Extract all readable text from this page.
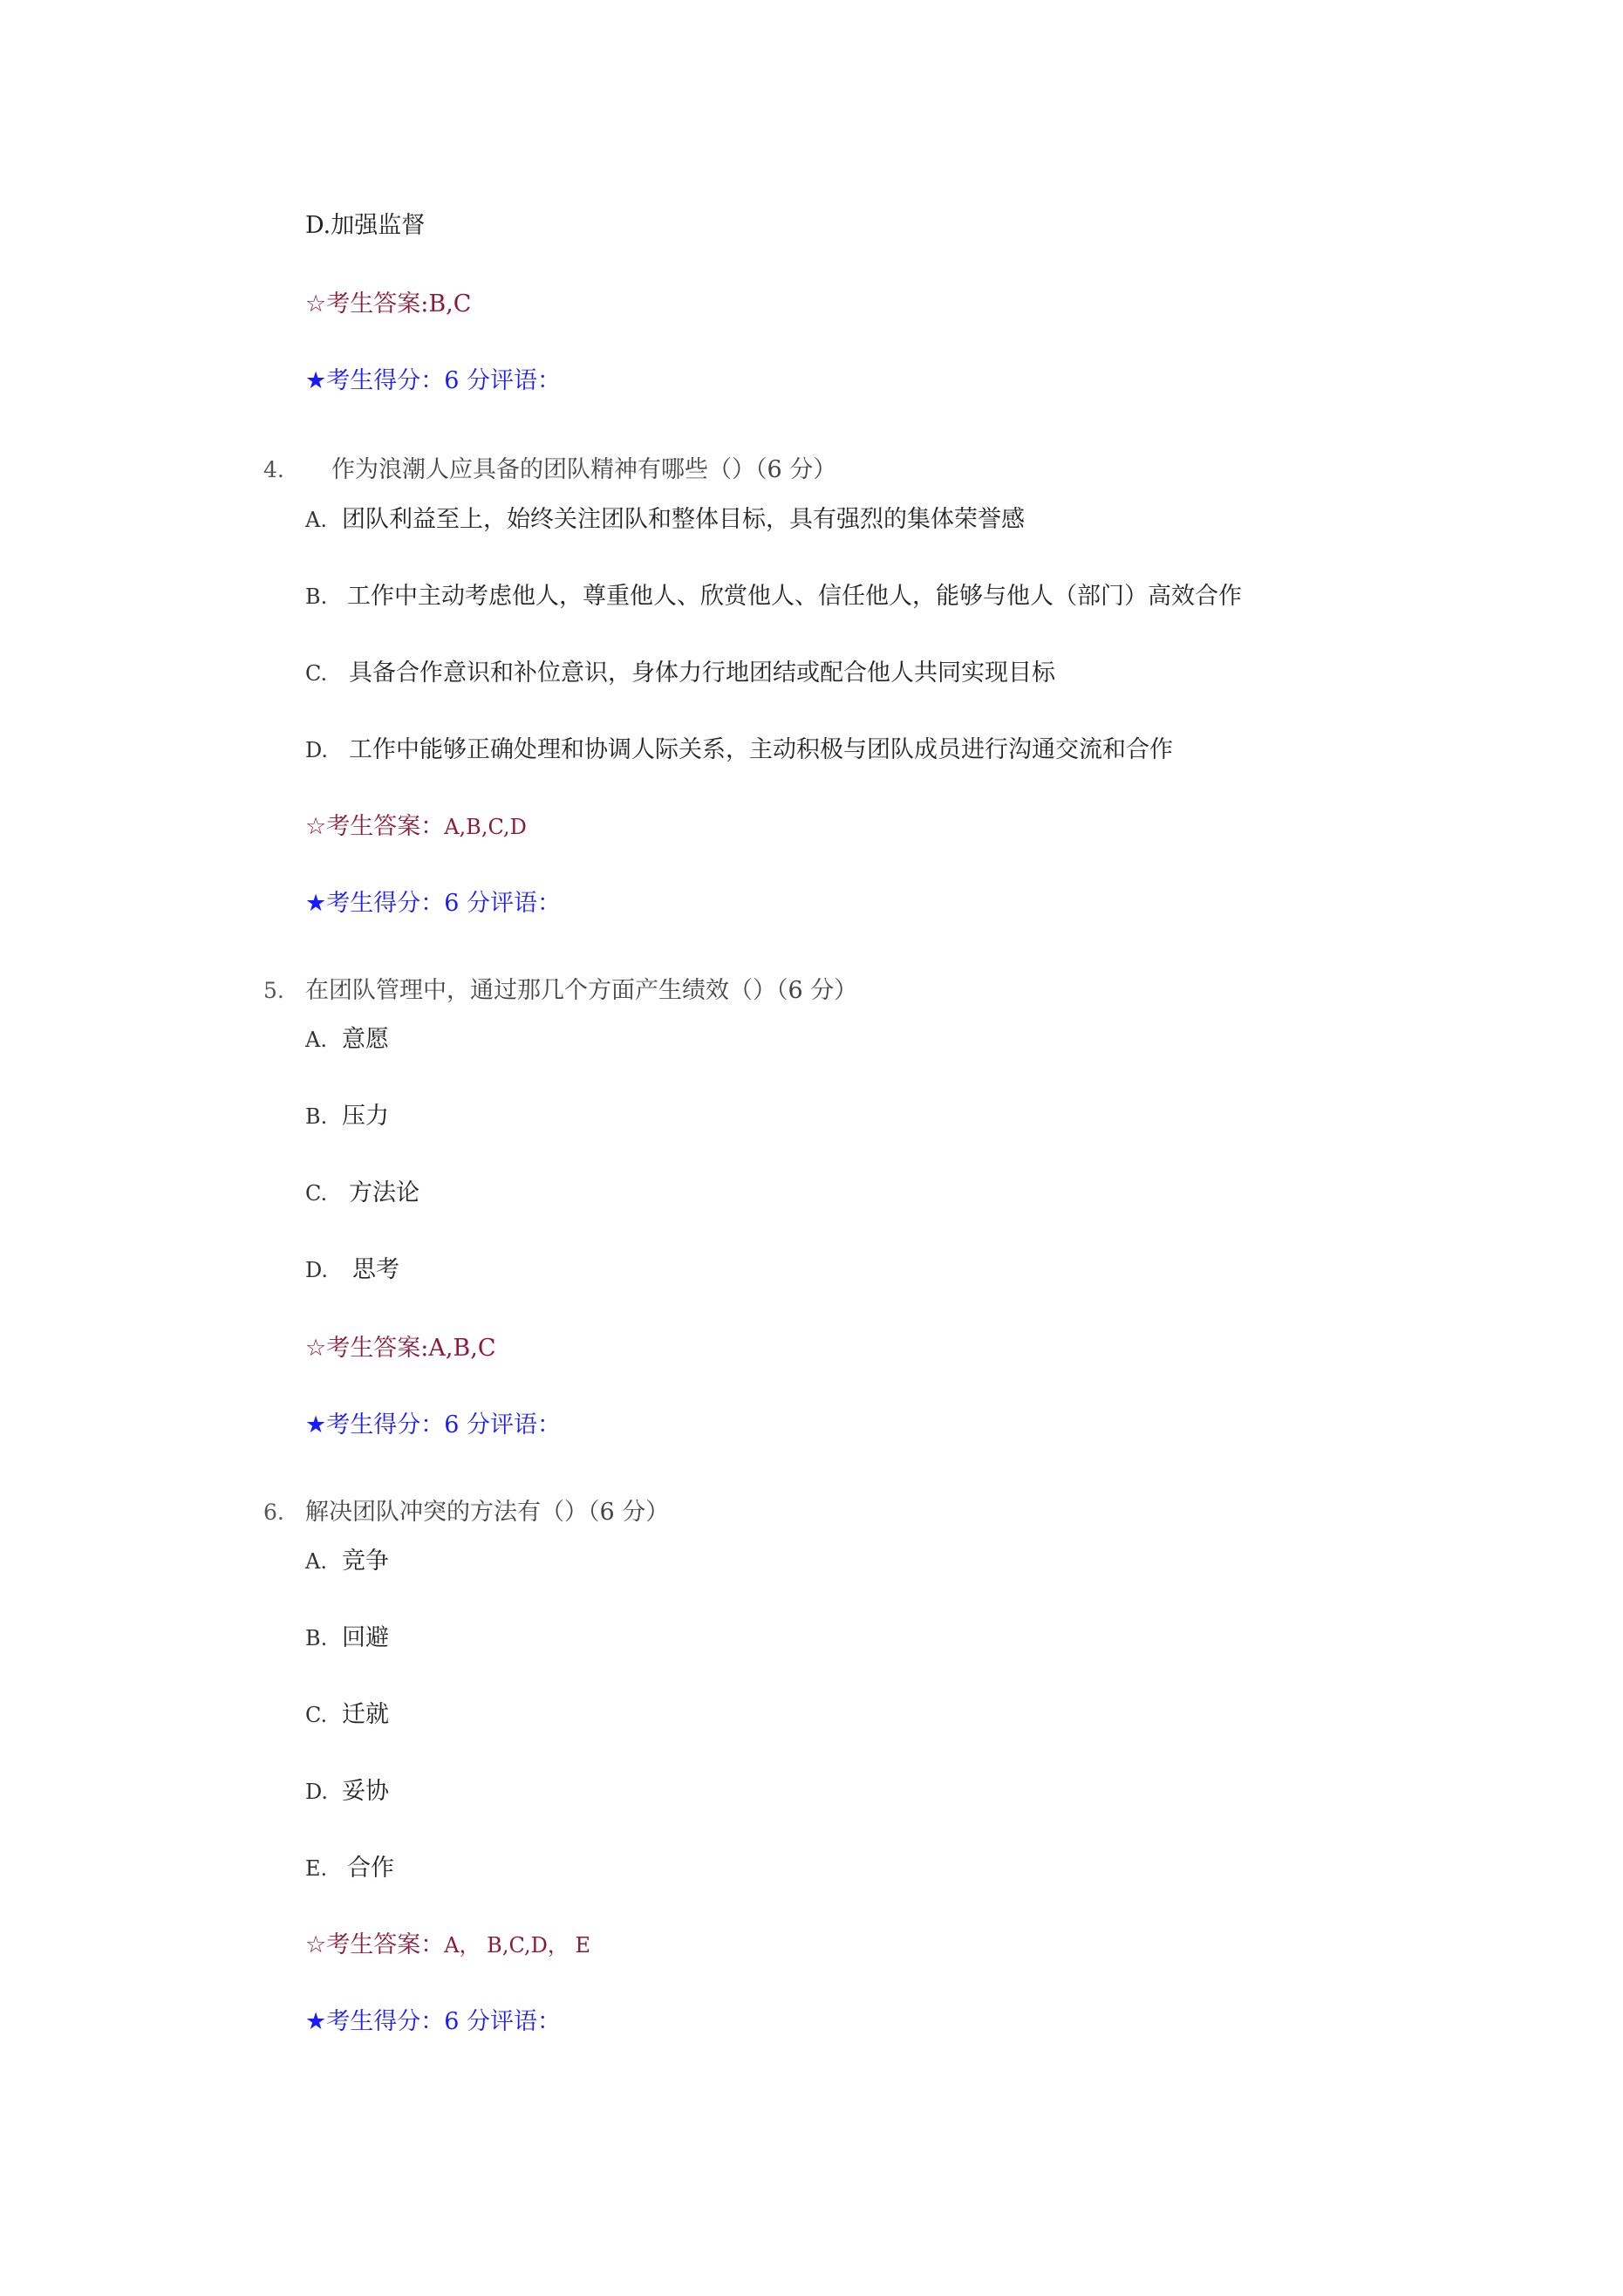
D.加强监督
☆考生答案:B,C
★考生得分：6 分评语：
4. 作为浪潮人应具备的团队精神有哪些（）（6 分）
A. 团队利益至上，始终关注团队和整体目标，具有强烈的集体荣誉感
B. 工作中主动考虑他人，尊重他人、欣赏他人、信任他人，能够与他人（部门）高效合作
C. 具备合作意识和补位意识，身体力行地团结或配合他人共同实现目标
D. 工作中能够正确处理和协调人际关系，主动积极与团队成员进行沟通交流和合作
☆考生答案：A,B,C,D
★考生得分：6 分评语：
5. 在团队管理中，通过那几个方面产生绩效（）（6 分）
A. 意愿
B. 压力
C. 方法论
D. 思考
☆考生答案:A,B,C
★考生得分：6 分评语：
6. 解决团队冲突的方法有（）（6 分）
A. 竞争
B. 回避
C. 迁就
D. 妥协
E. 合作
☆考生答案：A， B,C,D， E
★考生得分：6 分评语：
